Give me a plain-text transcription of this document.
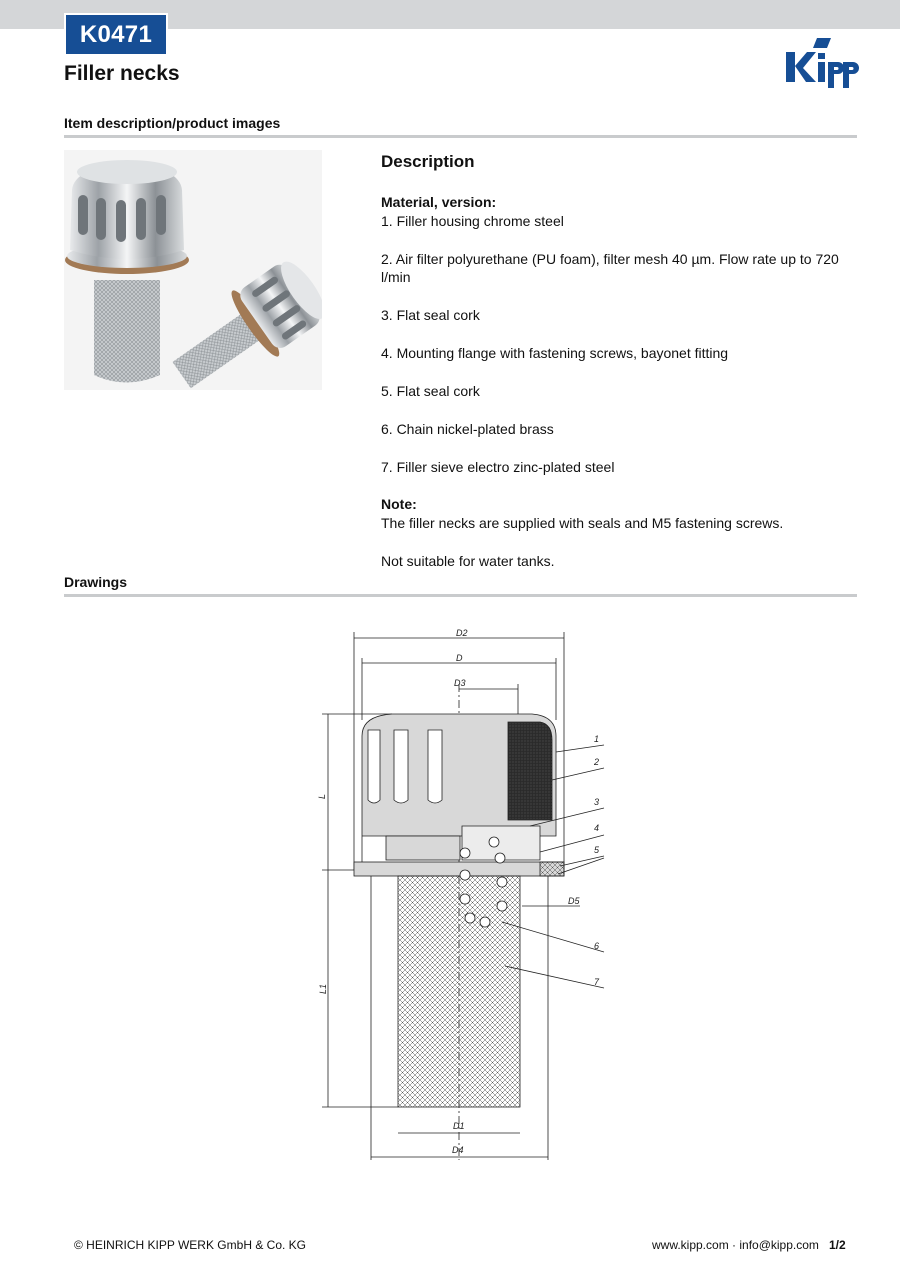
K0471
Filler necks
Item description/product images
Description
Material, version:
1. Filler housing chrome steel
2. Air filter polyurethane (PU foam), filter mesh 40 µm. Flow rate up to 720 l/min
3. Flat seal cork
4. Mounting flange with fastening screws, bayonet fitting
5. Flat seal cork
6. Chain nickel-plated brass
7. Filler sieve electro zinc-plated steel
Note:
The filler necks are supplied with seals and M5 fastening screws.
Not suitable for water tanks.
Drawings
D2
D
D3
L
L1
D1
D4
D5
1
2
3
4
5
6
7
© HEINRICH KIPP WERK GmbH & Co. KG	www.kipp.com · info@kipp.com 1/2
